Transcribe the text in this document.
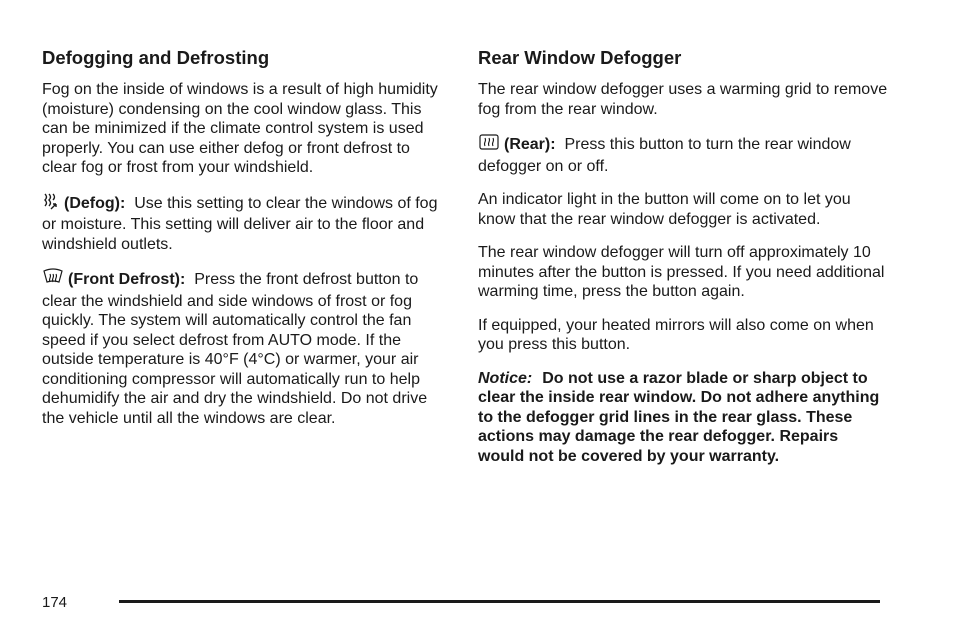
Defogging and Defrosting

Fog on the inside of windows is a result of high humidity (moisture) condensing on the cool window glass. This can be minimized if the climate control system is used properly. You can use either defog or front defrost to clear fog or frost from your windshield.

(Defog): Use this setting to clear the windows of fog or moisture. This setting will deliver air to the floor and windshield outlets.

(Front Defrost): Press the front defrost button to clear the windshield and side windows of frost or fog quickly. The system will automatically control the fan speed if you select defrost from AUTO mode. If the outside temperature is 40°F (4°C) or warmer, your air conditioning compressor will automatically run to help dehumidify the air and dry the windshield. Do not drive the vehicle until all the windows are clear.

Rear Window Defogger

The rear window defogger uses a warming grid to remove fog from the rear window.

(Rear): Press this button to turn the rear window defogger on or off.

An indicator light in the button will come on to let you know that the rear window defogger is activated.

The rear window defogger will turn off approximately 10 minutes after the button is pressed. If you need additional warming time, press the button again.

If equipped, your heated mirrors will also come on when you press this button.

Notice: Do not use a razor blade or sharp object to clear the inside rear window. Do not adhere anything to the defogger grid lines in the rear glass. These actions may damage the rear defogger. Repairs would not be covered by your warranty.

174
